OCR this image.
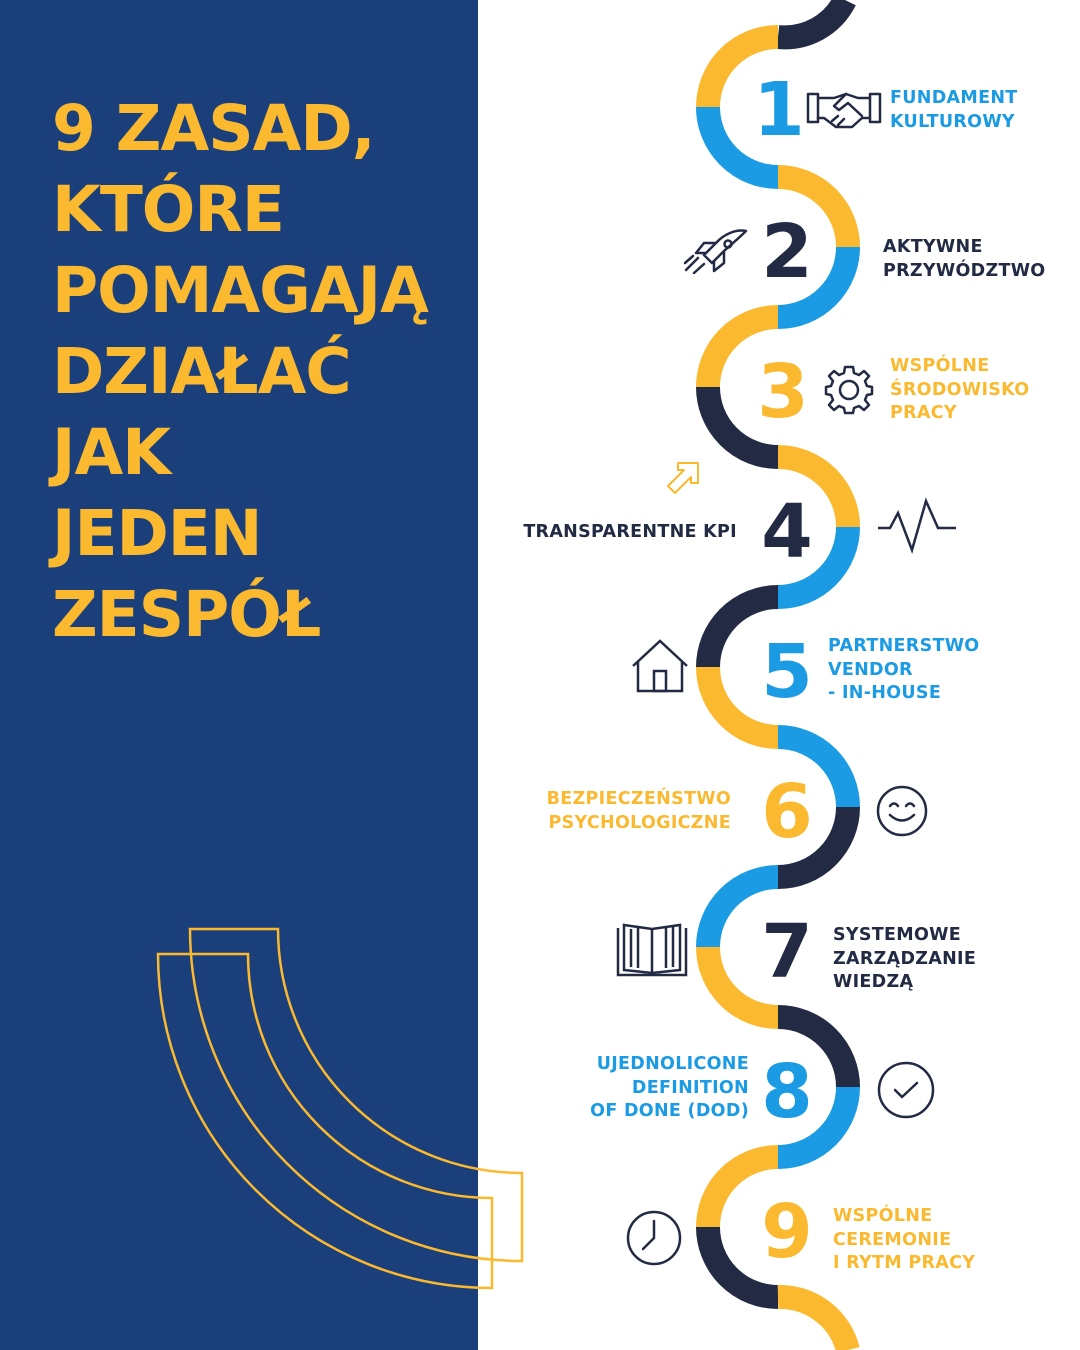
9 ZASAD,
KTÓRE
POMAGAJĄ
DZIAŁAĆ
JAK
JEDEN
ZESPÓŁ
1	FUNDAMENT
KULTUROWY
2	AKTYWNE
PRZYWÓDZTWO
3	WSPÓLNE
ŚRODOWISKO
PRACY
TRANSPARENTNE KPI 4
5 PARTNERSTWO
VENDOR
- IN-HOUSE
BEZPIECZEŃSTWO
PSYCHOLOGICZNE 6
7	SYSTEMOWE
ZARZĄDZANIE
WIEDZĄ
UJEDNOLICONE
DEFINITION
OF DONE (DOD) 8
9	WSPÓLNE
CEREMONIE
I RYTM PRACY
